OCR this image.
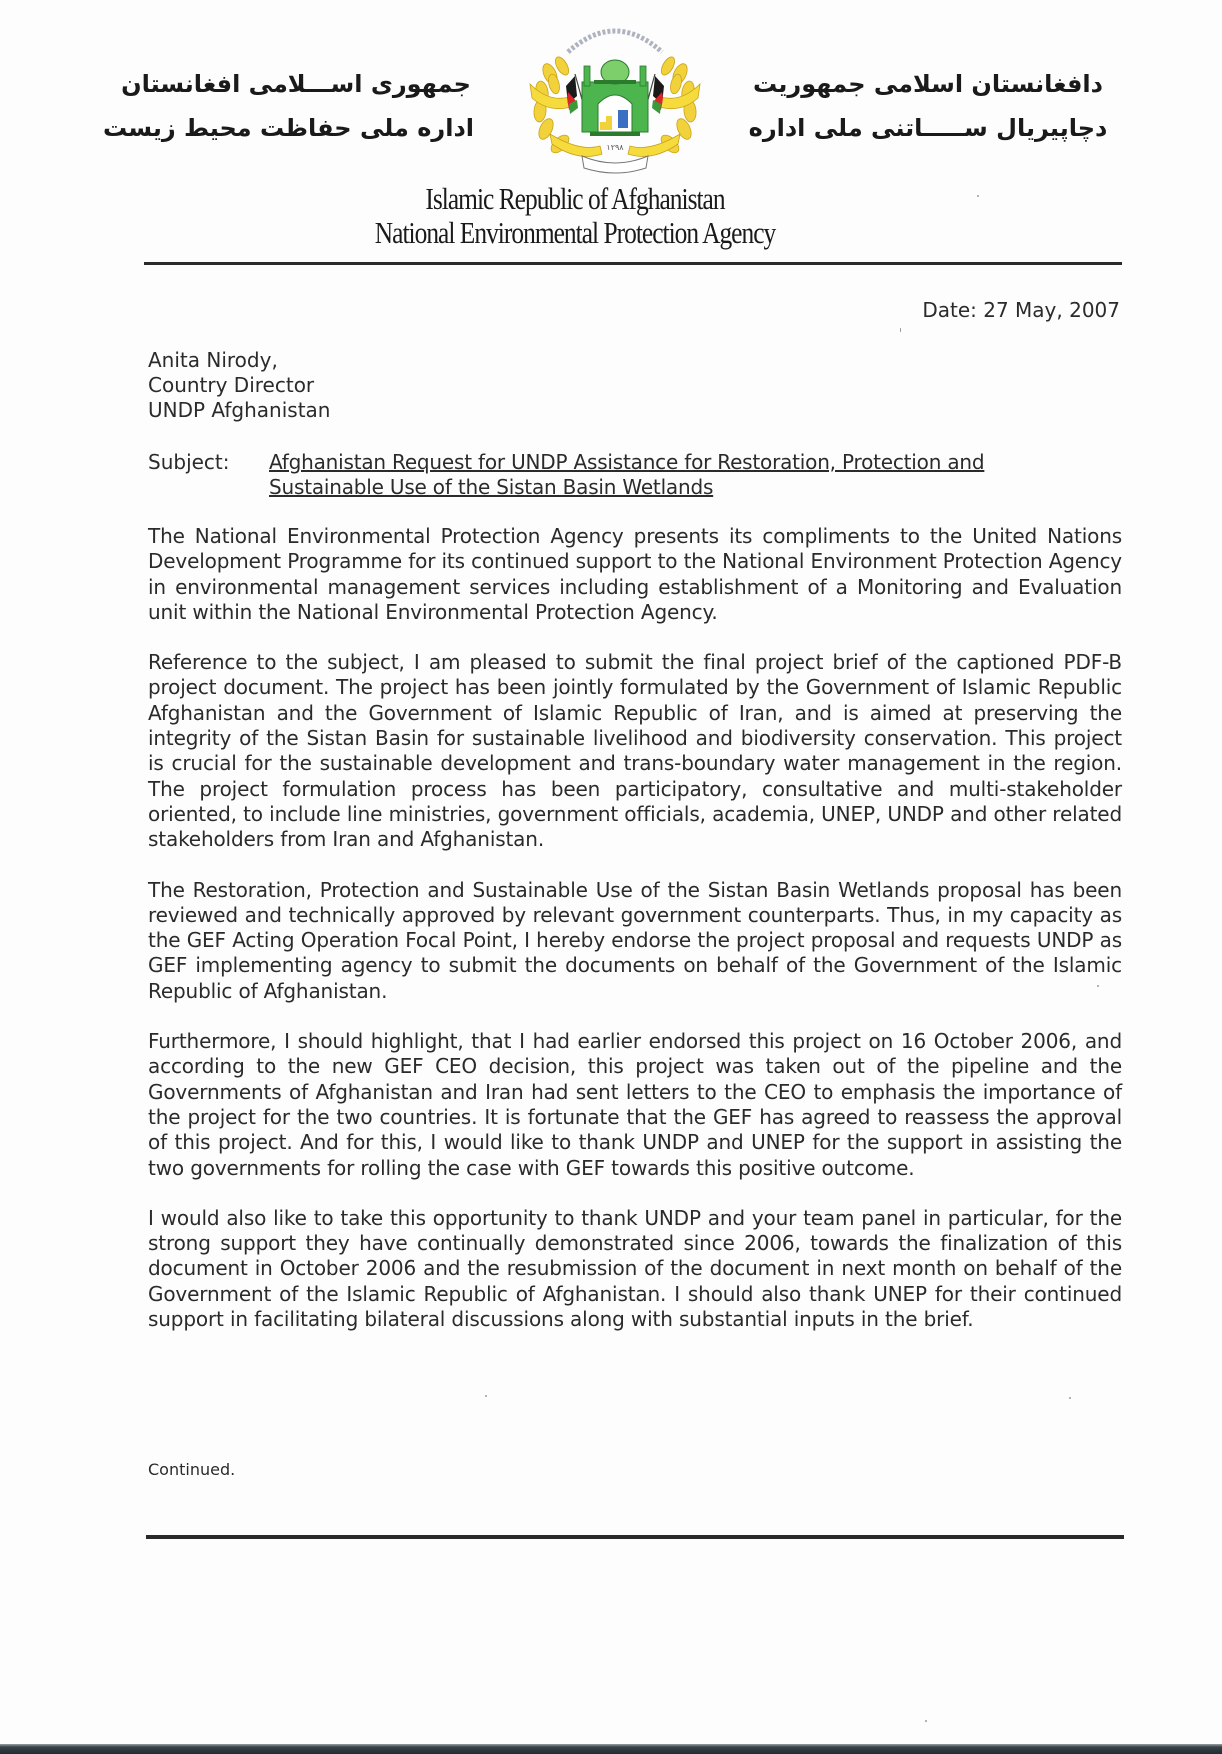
جمهوری اســـلامی افغانستان
اداره ملی حفاظت محیط زیست
۱۲۹۸
دافغانستان اسلامی جمهوریت
دچاپیریال ســـــاتنی ملی اداره
Islamic Republic of Afghanistan
National Environmental Protection Agency
Date: 27 May, 2007
Anita Nirody,
Country Director
UNDP Afghanistan
Subject:	Afghanistan Request for UNDP Assistance for Restoration, Protection and Sustainable Use of the Sistan Basin Wetlands

The National Environmental Protection Agency presents its compliments to the United Nations Development Programme for its continued support to the National Environment Protection Agency in environmental management services including establishment of a Monitoring and Evaluation unit within the National Environmental Protection Agency.

Reference to the subject, I am pleased to submit the final project brief of the captioned PDF-B project document. The project has been jointly formulated by the Government of Islamic Republic Afghanistan and the Government of Islamic Republic of Iran, and is aimed at preserving the integrity of the Sistan Basin for sustainable livelihood and biodiversity conservation. This project is crucial for the sustainable development and trans-boundary water management in the region. The project formulation process has been participatory, consultative and multi-stakeholder oriented, to include line ministries, government officials, academia, UNEP, UNDP and other related stakeholders from Iran and Afghanistan.

The Restoration, Protection and Sustainable Use of the Sistan Basin Wetlands proposal has been reviewed and technically approved by relevant government counterparts. Thus, in my capacity as the GEF Acting Operation Focal Point, I hereby endorse the project proposal and requests UNDP as GEF implementing agency to submit the documents on behalf of the Government of the Islamic Republic of Afghanistan.

Furthermore, I should highlight, that I had earlier endorsed this project on 16 October 2006, and according to the new GEF CEO decision, this project was taken out of the pipeline and the Governments of Afghanistan and Iran had sent letters to the CEO to emphasis the importance of the project for the two countries. It is fortunate that the GEF has agreed to reassess the approval of this project. And for this, I would like to thank UNDP and UNEP for the support in assisting the two governments for rolling the case with GEF towards this positive outcome.

I would also like to take this opportunity to thank UNDP and your team panel in particular, for the strong support they have continually demonstrated since 2006, towards the finalization of this document in October 2006 and the resubmission of the document in next month on behalf of the Government of the Islamic Republic of Afghanistan. I should also thank UNEP for their continued support in facilitating bilateral discussions along with substantial inputs in the brief.

Continued.
